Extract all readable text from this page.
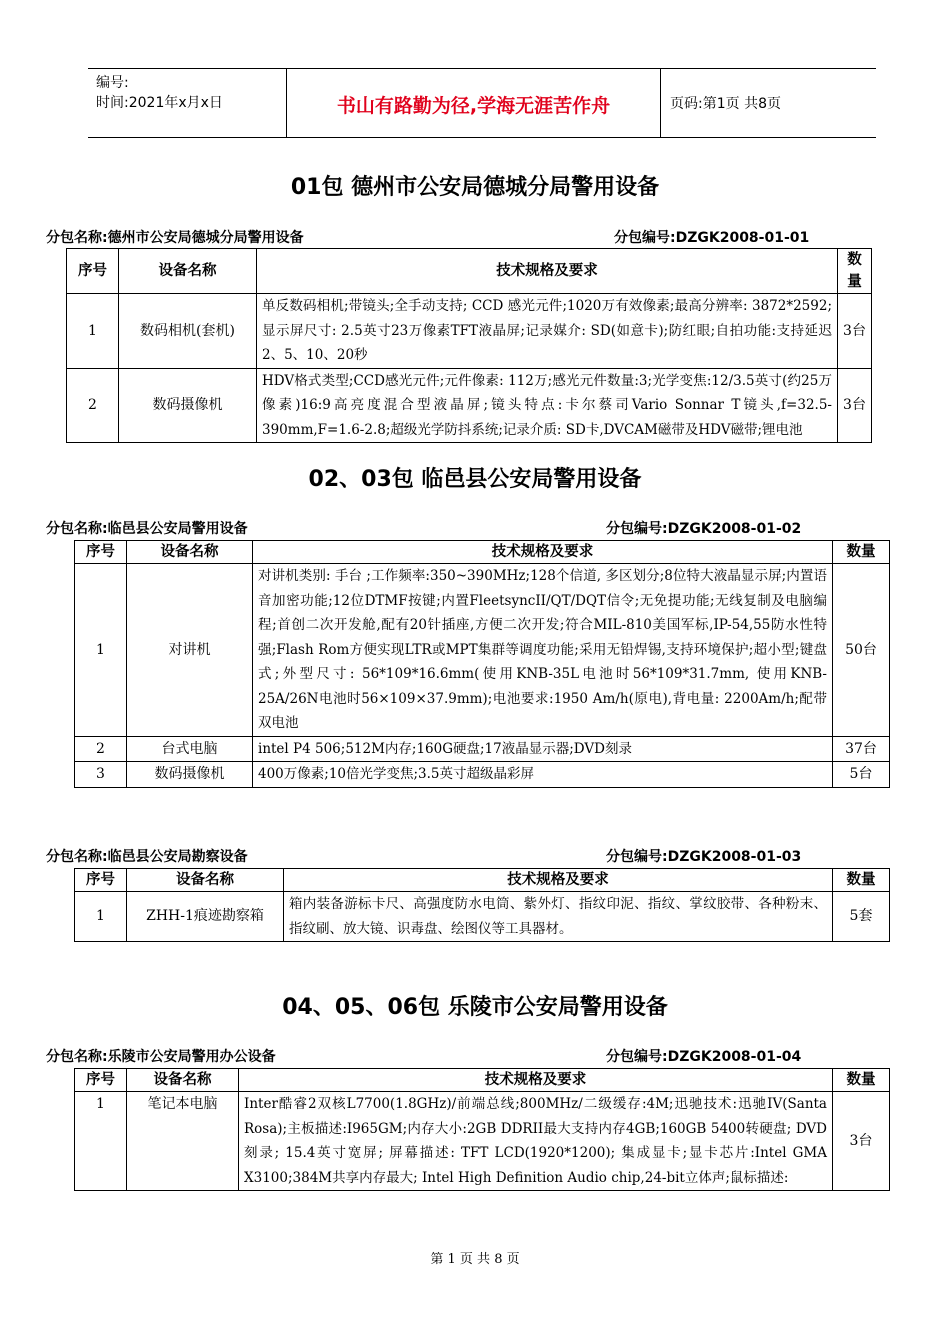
编号:
时间:2021年x月x日	书山有路勤为径,学海无涯苦作舟	页码:第1页 共8页
01包 德州市公安局德城分局警用设备
分包名称:德州市公安局德城分局警用设备	分包编号:DZGK2008-01-01
序号	设备名称	技术规格及要求	数量
1	数码相机(套机)	单反数码相机;带镜头;全手动支持; CCD 感光元件;1020万有效像素;最高分辨率: 3872*2592; 显示屏尺寸: 2.5英寸23万像素TFT液晶屏;记录媒介: SD(如意卡);防红眼;自拍功能:支持延迟2、5、10、20秒	3台
2	数码摄像机	HDV格式类型;CCD感光元件;元件像素: 112万;感光元件数量:3;光学变焦:12/3.5英寸(约25万像素)16:9高亮度混合型液晶屏;镜头特点:卡尔蔡司Vario Sonnar T镜头,f=32.5-390mm,F=1.6-2.8;超级光学防抖系统;记录介质: SD卡,DVCAM磁带及HDV磁带;锂电池	3台
02、03包 临邑县公安局警用设备
分包名称:临邑县公安局警用设备	分包编号:DZGK2008-01-02
序号	设备名称	技术规格及要求	数量
1	对讲机	对讲机类别: 手台 ;工作频率:350~390MHz;128个信道, 多区划分;8位特大液晶显示屏;内置语音加密功能;12位DTMF按键;内置FleetsyncII/QT/DQT信令;无免提功能;无线复制及电脑编程;首创二次开发舱,配有20针插座,方便二次开发;符合MIL-810美国军标,IP-54,55防水性特强;Flash Rom方便实现LTR或MPT集群等调度功能;采用无铅焊锡,支持环境保护;超小型;键盘式;外型尺寸: 56*109*16.6mm(使用KNB-35L电池时56*109*31.7mm, 使用KNB-25A/26N电池时56×109×37.9mm);电池要求:1950 Am/h(原电),背电量: 2200Am/h;配带双电池	50台
2	台式电脑	intel P4 506;512M内存;160G硬盘;17液晶显示器;DVD刻录	37台
3	数码摄像机	400万像素;10倍光学变焦;3.5英寸超级晶彩屏	5台
分包名称:临邑县公安局勘察设备	分包编号:DZGK2008-01-03
序号	设备名称	技术规格及要求	数量
1	ZHH-1痕迹勘察箱	箱内装备游标卡尺、高强度防水电筒、紫外灯、指纹印泥、指纹、掌纹胶带、各种粉末、指纹刷、放大镜、识毒盘、绘图仪等工具器材。	5套
04、05、06包 乐陵市公安局警用设备
分包名称:乐陵市公安局警用办公设备	分包编号:DZGK2008-01-04
序号	设备名称	技术规格及要求	数量
1	笔记本电脑	Inter酷睿2双核L7700(1.8GHz)/前端总线;800MHz/二级缓存:4M;迅驰技术:迅驰IV(Santa Rosa);主板描述:I965GM;内存大小:2GB DDRII最大支持内存4GB;160GB 5400转硬盘; DVD刻录; 15.4英寸宽屏; 屏幕描述: TFT LCD(1920*1200); 集成显卡;显卡芯片:Intel GMA X3100;384M共享内存最大; Intel High Definition Audio chip,24-bit立体声;鼠标描述:	3台
第 1 页 共 8 页
